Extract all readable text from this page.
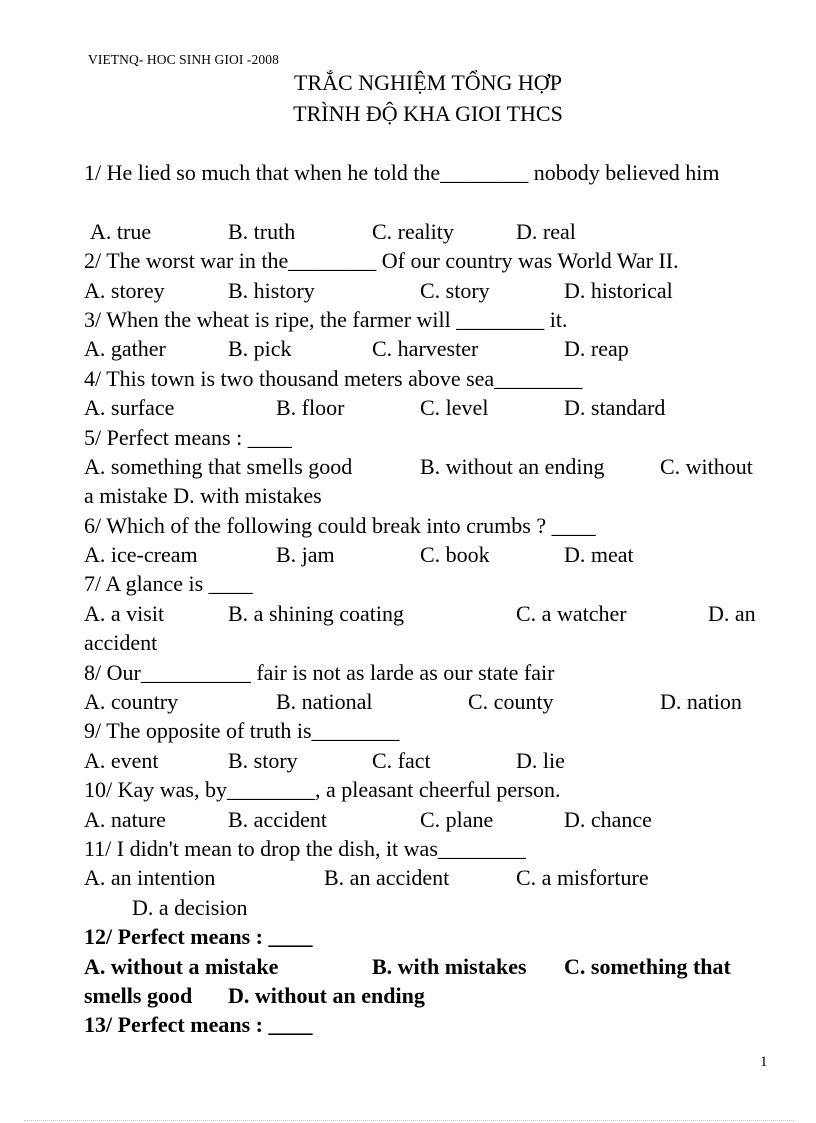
VIETNQ- HOC SINH GIOI -2008
TRẮC NGHIỆM TỔNG HỢP
TRÌNH ĐỘ KHA GIOI THCS
1/ He lied so much that when he told the________ nobody believed him
A. true	B. truth	C. reality	D. real
2/ The worst war in the________ Of our country was World War II.
A. storey	B. history	C. story	D. historical
3/ When the wheat is ripe, the farmer will ________ it.
A. gather	B. pick	C. harvester	D. reap
4/ This town is two thousand meters above sea________
A. surface	B. floor	C. level	D. standard
5/ Perfect means : ____
A. something that smells good	B. without an ending	C. without
a mistake D. with mistakes
6/ Which of the following could break into crumbs ? ____
A. ice-cream	B. jam	C. book	D. meat
7/ A glance is ____
A. a visit	B. a shining coating	C. a watcher	D. an
accident
8/ Our__________ fair is not as larde as our state fair
A. country	B. national	C. county	D. nation
9/ The opposite of truth is________
A. event	B. story	C. fact	D. lie
10/ Kay was, by________, a pleasant cheerful person.
A. nature	B. accident	C. plane	D. chance
11/ I didn't mean to drop the dish, it was________
A. an intention	B. an accident	C. a misforture
D. a decision
12/ Perfect means : ____
A. without a mistake	B. with mistakes C. something that
smells good D. without an ending
13/ Perfect means : ____
1
